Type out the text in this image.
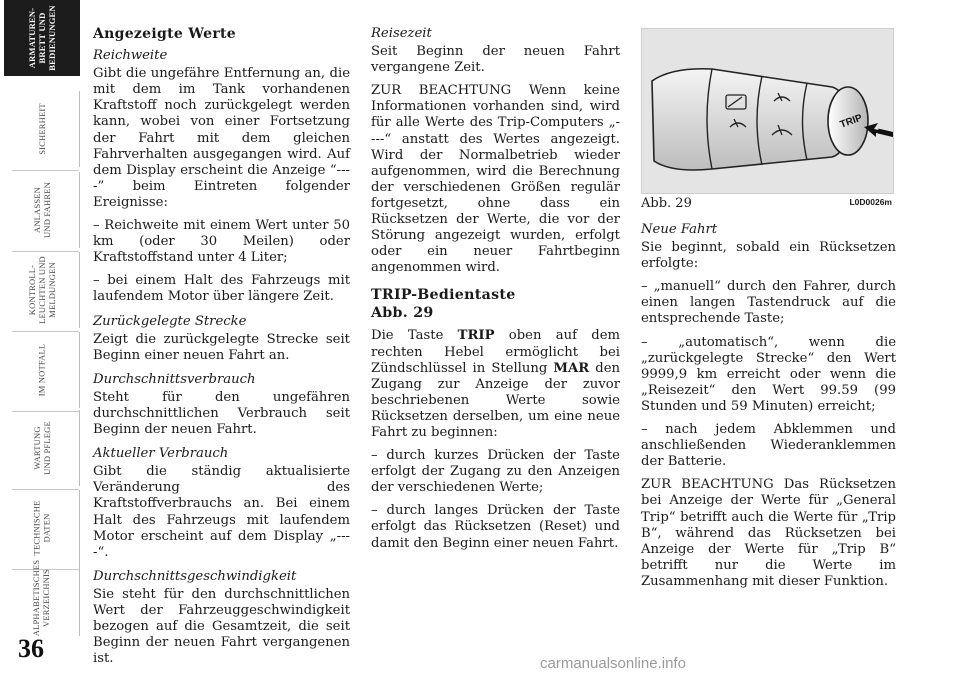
ARMATUREN-
BRETT UND
BEDIENUNGEN
SICHERHEIT
ANLASSEN
UND FAHREN
KONTROLL-
LEUCHTEN UND
MELDUNGEN
IM NOTFALL
WARTUNG
UND PFLEGE
TECHNISCHE
DATEN
ALPHABETISCHES
VERZEICHNIS
36
Angezeigte Werte
Reichweite

Gibt die ungefähre Entfernung an, die mit dem im Tank vorhandenen Kraftstoff noch zurückgelegt werden kann, wobei von einer Fortsetzung der Fahrt mit dem gleichen Fahrverhalten ausgegangen wird. Auf dem Display erscheint die Anzeige “----” beim Eintreten folgender Ereignisse:

– Reichweite mit einem Wert unter 50 km (oder 30 Meilen) oder Kraftstoffstand unter 4 Liter;

– bei einem Halt des Fahrzeugs mit laufendem Motor über längere Zeit.

Zurückgelegte Strecke

Zeigt die zurückgelegte Strecke seit Beginn einer neuen Fahrt an.

Durchschnittsverbrauch

Steht für den ungefähren durchschnittlichen Verbrauch seit Beginn der neuen Fahrt.

Aktueller Verbrauch

Gibt die ständig aktualisierte Veränderung des Kraftstoffverbrauchs an. Bei einem Halt des Fahrzeugs mit laufendem Motor erscheint auf dem Display „----“.

Durchschnittsgeschwindigkeit

Sie steht für den durchschnittlichen Wert der Fahrzeuggeschwindigkeit bezogen auf die Gesamtzeit, die seit Beginn der neuen Fahrt vergangenen ist.

Reisezeit

Seit Beginn der neuen Fahrt vergangene Zeit.

ZUR BEACHTUNG Wenn keine Informationen vorhanden sind, wird für alle Werte des Trip-Computers „----“ anstatt des Wertes angezeigt. Wird der Normalbetrieb wieder aufgenommen, wird die Berechnung der verschiedenen Größen regulär fortgesetzt, ohne dass ein Rücksetzen der Werte, die vor der Störung angezeigt wurden, erfolgt oder ein neuer Fahrtbeginn angenommen wird.

TRIP-Bedientaste
Abb. 29

Die Taste TRIP oben auf dem rechten Hebel ermöglicht bei Zündschlüssel in Stellung MAR den Zugang zur Anzeige der zuvor beschriebenen Werte sowie Rücksetzen derselben, um eine neue Fahrt zu beginnen:

– durch kurzes Drücken der Taste erfolgt der Zugang zu den Anzeigen der verschiedenen Werte;

– durch langes Drücken der Taste erfolgt das Rücksetzen (Reset) und damit den Beginn einer neuen Fahrt.

TRIP
Abb. 29	L0D0026m
Neue Fahrt

Sie beginnt, sobald ein Rücksetzen erfolgte:

– „manuell“ durch den Fahrer, durch einen langen Tastendruck auf die entsprechende Taste;

– „automatisch“, wenn die „zurückgelegte Strecke“ den Wert 9999,9 km erreicht oder wenn die „Reisezeit“ den Wert 99.59 (99 Stunden und 59 Minuten) erreicht;

– nach jedem Abklemmen und anschließenden Wiederanklemmen der Batterie.

ZUR BEACHTUNG Das Rücksetzen bei Anzeige der Werte für „General Trip“ betrifft auch die Werte für „Trip B“, während das Rücksetzen bei Anzeige der Werte für „Trip B“ betrifft nur die Werte im Zusammenhang mit dieser Funktion.

carmanualsonline.info
